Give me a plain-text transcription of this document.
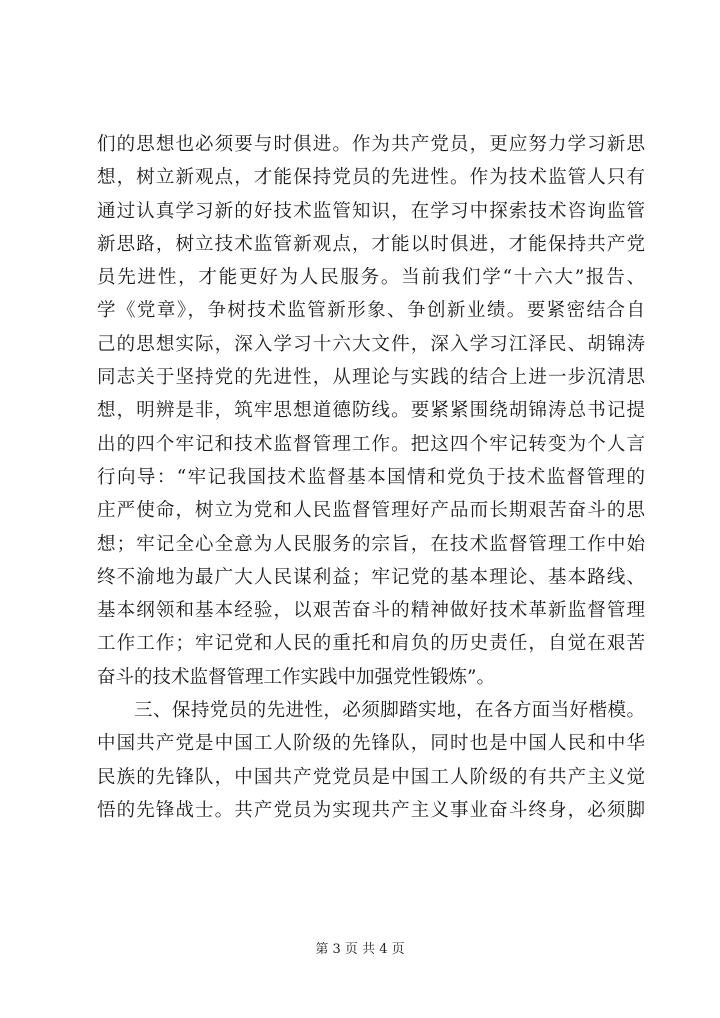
们的思想也必须要与时俱进。作为共产党员，更应努力学习新思
想，树立新观点，才能保持党员的先进性。作为技术监管人只有
通过认真学习新的好技术监管知识，在学习中探索技术咨询监管
新思路，树立技术监管新观点，才能以时俱进，才能保持共产党
员先进性，才能更好为人民服务。当前我们学“十六大”报告、
学《党章》，争树技术监管新形象、争创新业绩。要紧密结合自
己的思想实际，深入学习十六大文件，深入学习江泽民、胡锦涛
同志关于坚持党的先进性，从理论与实践的结合上进一步沉清思
想，明辨是非，筑牢思想道德防线。要紧紧围绕胡锦涛总书记提
出的四个牢记和技术监督管理工作。把这四个牢记转变为个人言
行向导：“牢记我国技术监督基本国情和党负于技术监督管理的
庄严使命，树立为党和人民监督管理好产品而长期艰苦奋斗的思
想；牢记全心全意为人民服务的宗旨，在技术监督管理工作中始
终不渝地为最广大人民谋利益；牢记党的基本理论、基本路线、
基本纲领和基本经验，以艰苦奋斗的精神做好技术革新监督管理
工作工作；牢记党和人民的重托和肩负的历史责任，自觉在艰苦
奋斗的技术监督管理工作实践中加强党性锻炼”。
三、保持党员的先进性，必须脚踏实地，在各方面当好楷模。
中国共产党是中国工人阶级的先锋队，同时也是中国人民和中华
民族的先锋队，中国共产党党员是中国工人阶级的有共产主义觉
悟的先锋战士。共产党员为实现共产主义事业奋斗终身，必须脚
第 3 页 共 4 页
